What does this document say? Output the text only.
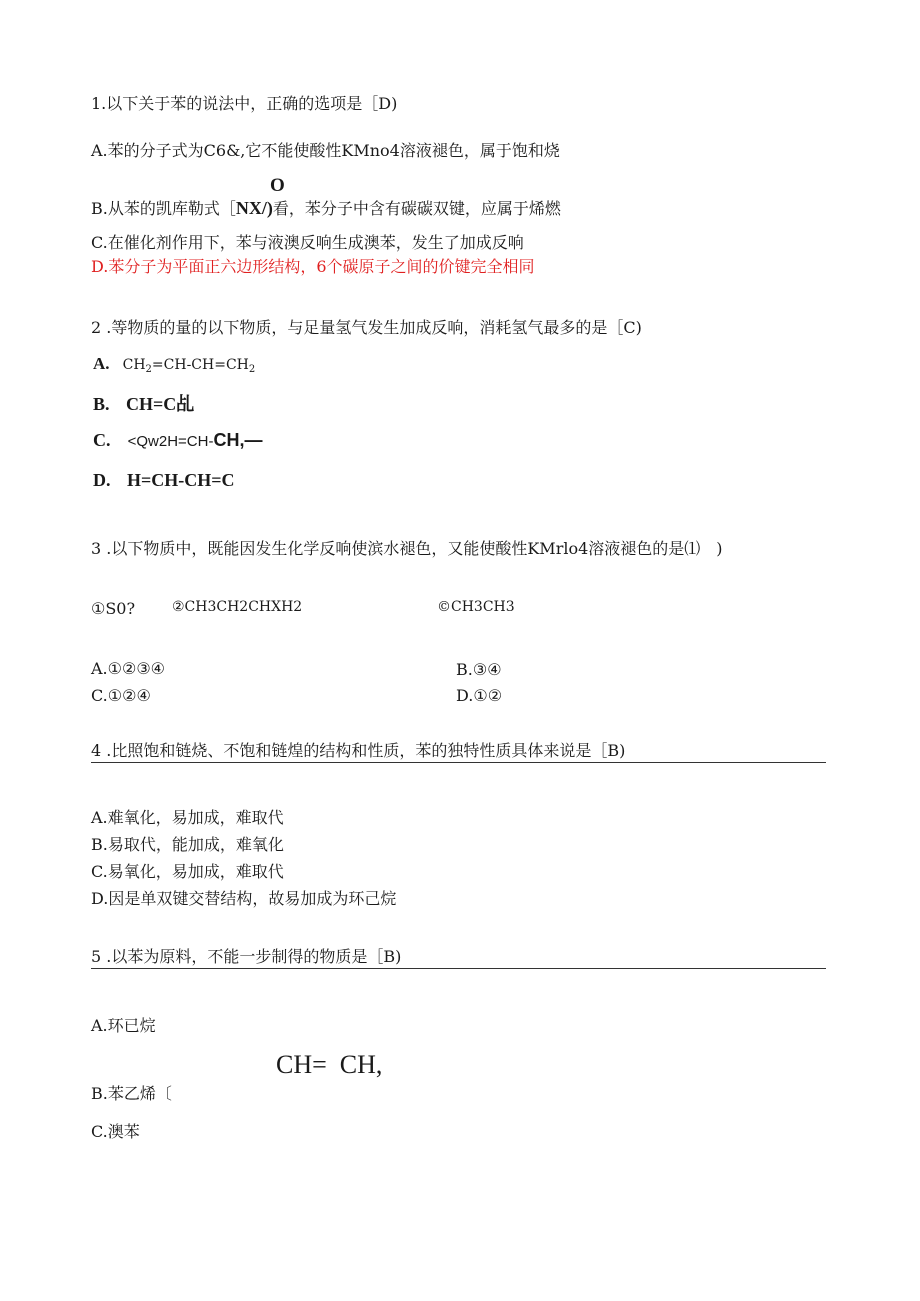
1.以下关于苯的说法中，正确的选项是［D)
A.苯的分子式为C6&,它不能使酸性KMno4溶液褪色，属于饱和烧
O
B.从苯的凯库勒式［NX/)看，苯分子中含有碳碳双键，应属于烯燃
C.在催化剂作用下，苯与液澳反响生成澳苯，发生了加成反响
D.苯分子为平面正六边形结构，6个碳原子之间的价键完全相同
2 .等物质的量的以下物质，与足量氢气发生加成反响，消耗氢气最多的是［C)
A. $CH_2=CH-CH=CH_2$
B. CH=C乩
C. <Qw2H=CH-CH,—
D. H=CH-CH=C
3 .以下物质中，既能因发生化学反响使滨水褪色，又能使酸性KMrlo4溶液褪色的是⑴　)
①S0?	②CH3CH2CHXH2	©CH3CH3
A.①②③④	B.③④
C.①②④	D.①②
4 .比照饱和链烧、不饱和链煌的结构和性质，苯的独特性质具体来说是［B)
A.难氧化，易加成，难取代
B.易取代，能加成，难氧化
C.易氧化，易加成，难取代
D.因是单双键交替结构，故易加成为环己烷
5 .以苯为原料，不能一步制得的物质是［B)
A.环已烷
CH=  CH,
B.苯乙烯〔
C.澳苯
